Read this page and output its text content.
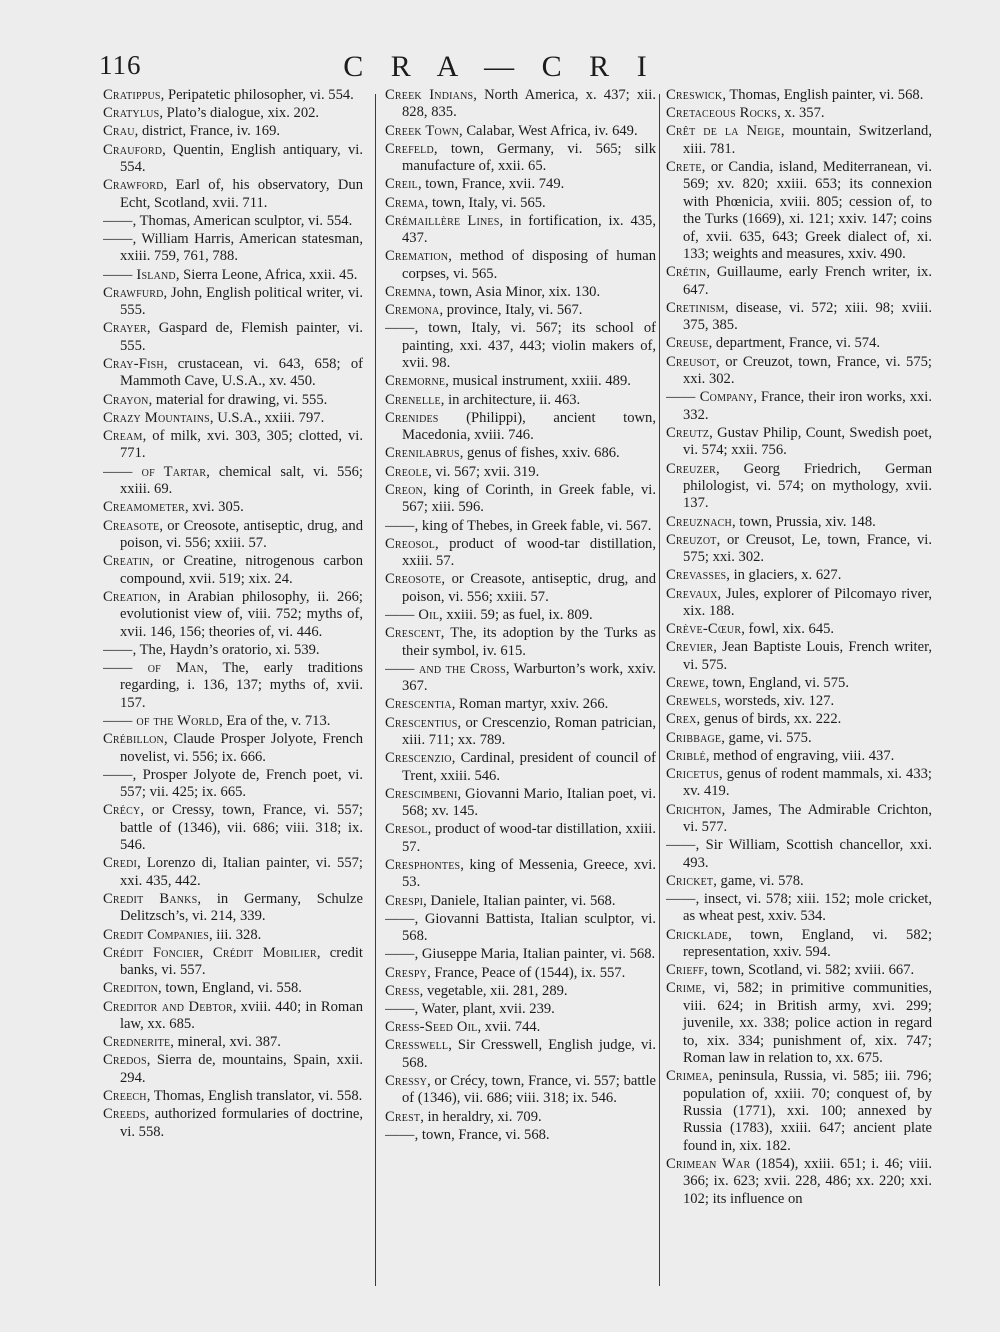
116	C R A — C R I
Cratippus, Peripatetic philosopher, vi. 554.
Cratylus, Plato’s dialogue, xix. 202.
Crau, district, France, iv. 169.
Crauford, Quentin, English antiquary, vi. 554.
Crawford, Earl of, his observatory, Dun Echt, Scotland, xvii. 711.
——, Thomas, American sculptor, vi. 554.
——, William Harris, American statesman, xxiii. 759, 761, 788.
—— Island, Sierra Leone, Africa, xxii. 45.
Crawfurd, John, English political writer, vi. 555.
Crayer, Gaspard de, Flemish painter, vi. 555.
Cray-Fish, crustacean, vi. 643, 658; of Mammoth Cave, U.S.A., xv. 450.
Crayon, material for drawing, vi. 555.
Crazy Mountains, U.S.A., xxiii. 797.
Cream, of milk, xvi. 303, 305; clotted, vi. 771.
—— of Tartar, chemical salt, vi. 556; xxiii. 69.
Creamometer, xvi. 305.
Creasote, or Creosote, antiseptic, drug, and poison, vi. 556; xxiii. 57.
Creatin, or Creatine, nitrogenous carbon compound, xvii. 519; xix. 24.
Creation, in Arabian philosophy, ii. 266; evolutionist view of, viii. 752; myths of, xvii. 146, 156; theories of, vi. 446.
——, The, Haydn’s oratorio, xi. 539.
—— of Man, The, early traditions regarding, i. 136, 137; myths of, xvii. 157.
—— of the World, Era of the, v. 713.
Crébillon, Claude Prosper Jolyote, French novelist, vi. 556; ix. 666.
——, Prosper Jolyote de, French poet, vi. 557; vii. 425; ix. 665.
Crécy, or Cressy, town, France, vi. 557; battle of (1346), vii. 686; viii. 318; ix. 546.
Credi, Lorenzo di, Italian painter, vi. 557; xxi. 435, 442.
Credit Banks, in Germany, Schulze Delitzsch’s, vi. 214, 339.
Credit Companies, iii. 328.
Crédit Foncier, Crédit Mobilier, credit banks, vi. 557.
Crediton, town, England, vi. 558.
Creditor and Debtor, xviii. 440; in Roman law, xx. 685.
Crednerite, mineral, xvi. 387.
Credos, Sierra de, mountains, Spain, xxii. 294.
Creech, Thomas, English translator, vi. 558.
Creeds, authorized formularies of doctrine, vi. 558.
Creek Indians, North America, x. 437; xii. 828, 835.
Creek Town, Calabar, West Africa, iv. 649.
Crefeld, town, Germany, vi. 565; silk manufacture of, xxii. 65.
Creil, town, France, xvii. 749.
Crema, town, Italy, vi. 565.
Crémaillère Lines, in fortification, ix. 435, 437.
Cremation, method of disposing of human corpses, vi. 565.
Cremna, town, Asia Minor, xix. 130.
Cremona, province, Italy, vi. 567.
——, town, Italy, vi. 567; its school of painting, xxi. 437, 443; violin makers of, xvii. 98.
Cremorne, musical instrument, xxiii. 489.
Crenelle, in architecture, ii. 463.
Crenides (Philippi), ancient town, Macedonia, xviii. 746.
Crenilabrus, genus of fishes, xxiv. 686.
Creole, vi. 567; xvii. 319.
Creon, king of Corinth, in Greek fable, vi. 567; xiii. 596.
——, king of Thebes, in Greek fable, vi. 567.
Creosol, product of wood-tar distillation, xxiii. 57.
Creosote, or Creasote, antiseptic, drug, and poison, vi. 556; xxiii. 57.
—— Oil, xxiii. 59; as fuel, ix. 809.
Crescent, The, its adoption by the Turks as their symbol, iv. 615.
—— and the Cross, Warburton’s work, xxiv. 367.
Crescentia, Roman martyr, xxiv. 266.
Crescentius, or Crescenzio, Roman patrician, xiii. 711; xx. 789.
Crescenzio, Cardinal, president of council of Trent, xxiii. 546.
Crescimbeni, Giovanni Mario, Italian poet, vi. 568; xv. 145.
Cresol, product of wood-tar distillation, xxiii. 57.
Cresphontes, king of Messenia, Greece, xvi. 53.
Crespi, Daniele, Italian painter, vi. 568.
——, Giovanni Battista, Italian sculptor, vi. 568.
——, Giuseppe Maria, Italian painter, vi. 568.
Crespy, France, Peace of (1544), ix. 557.
Cress, vegetable, xii. 281, 289.
——, Water, plant, xvii. 239.
Cress-Seed Oil, xvii. 744.
Cresswell, Sir Cresswell, English judge, vi. 568.
Cressy, or Crécy, town, France, vi. 557; battle of (1346), vii. 686; viii. 318; ix. 546.
Crest, in heraldry, xi. 709.
——, town, France, vi. 568.
Creswick, Thomas, English painter, vi. 568.
Cretaceous Rocks, x. 357.
Crêt de la Neige, mountain, Switzerland, xiii. 781.
Crete, or Candia, island, Mediterranean, vi. 569; xv. 820; xxiii. 653; its connexion with Phœnicia, xviii. 805; cession of, to the Turks (1669), xi. 121; xxiv. 147; coins of, xvii. 635, 643; Greek dialect of, xi. 133; weights and measures, xxiv. 490.
Crétin, Guillaume, early French writer, ix. 647.
Cretinism, disease, vi. 572; xiii. 98; xviii. 375, 385.
Creuse, department, France, vi. 574.
Creusot, or Creuzot, town, France, vi. 575; xxi. 302.
—— Company, France, their iron works, xxi. 332.
Creutz, Gustav Philip, Count, Swedish poet, vi. 574; xxii. 756.
Creuzer, Georg Friedrich, German philologist, vi. 574; on mythology, xvii. 137.
Creuznach, town, Prussia, xiv. 148.
Creuzot, or Creusot, Le, town, France, vi. 575; xxi. 302.
Crevasses, in glaciers, x. 627.
Crevaux, Jules, explorer of Pilcomayo river, xix. 188.
Crève-Cœur, fowl, xix. 645.
Crevier, Jean Baptiste Louis, French writer, vi. 575.
Crewe, town, England, vi. 575.
Crewels, worsteds, xiv. 127.
Crex, genus of birds, xx. 222.
Cribbage, game, vi. 575.
Criblé, method of engraving, viii. 437.
Cricetus, genus of rodent mammals, xi. 433; xv. 419.
Crichton, James, The Admirable Crichton, vi. 577.
——, Sir William, Scottish chancellor, xxi. 493.
Cricket, game, vi. 578.
——, insect, vi. 578; xiii. 152; mole cricket, as wheat pest, xxiv. 534.
Cricklade, town, England, vi. 582; representation, xxiv. 594.
Crieff, town, Scotland, vi. 582; xviii. 667.
Crime, vi, 582; in primitive communities, viii. 624; in British army, xvi. 299; juvenile, xx. 338; police action in regard to, xix. 334; punishment of, xix. 747; Roman law in relation to, xx. 675.
Crimea, peninsula, Russia, vi. 585; iii. 796; population of, xxiii. 70; conquest of, by Russia (1771), xxi. 100; annexed by Russia (1783), xxiii. 647; ancient plate found in, xix. 182.
Crimean War (1854), xxiii. 651; i. 46; viii. 366; ix. 623; xvii. 228, 486; xx. 220; xxi. 102; its influence on
